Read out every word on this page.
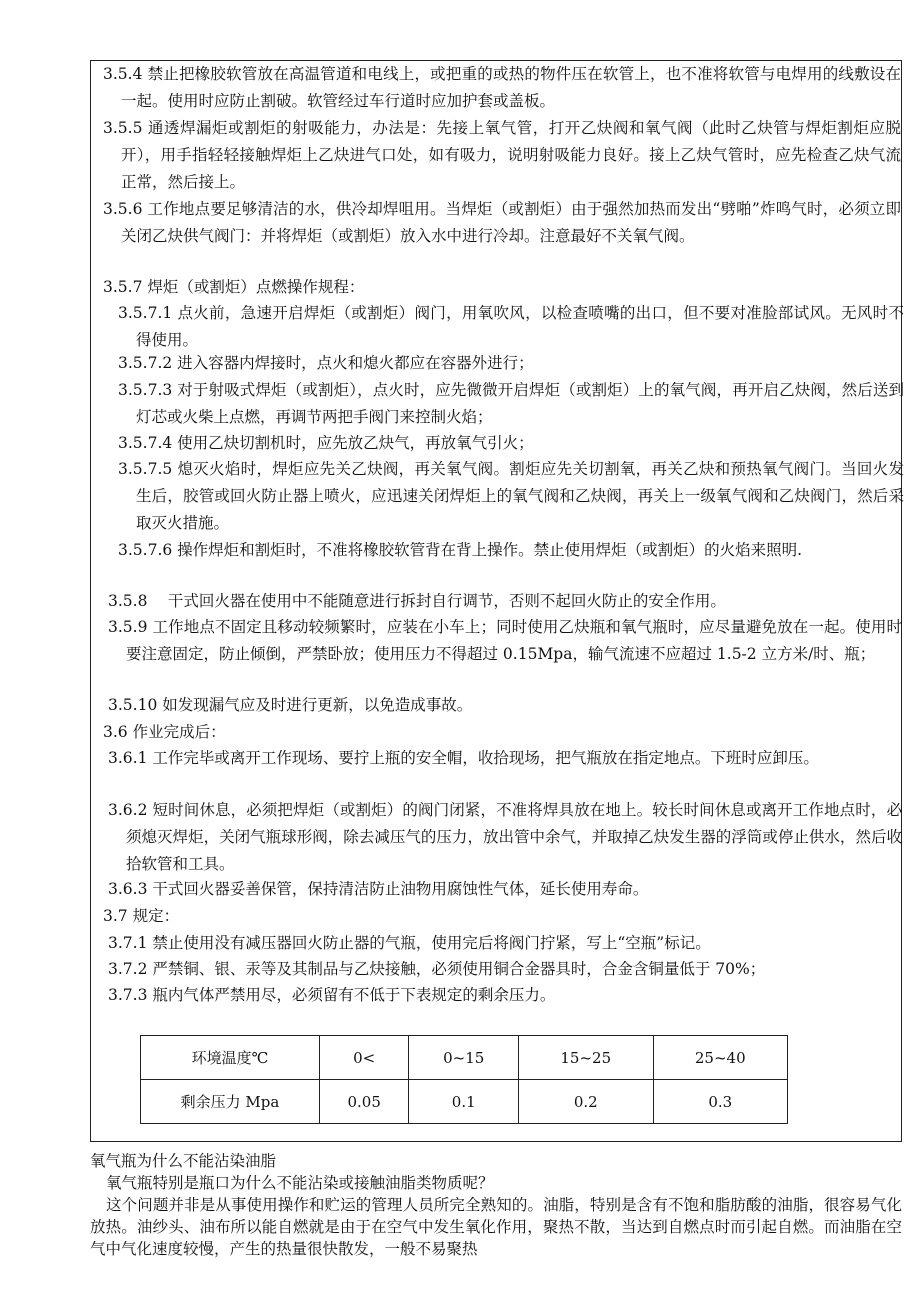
3.5.4 禁止把橡胶软管放在高温管道和电线上，或把重的或热的物件压在软管上，也不准将软管与电焊用的线敷设在一起。使用时应防止割破。软管经过车行道时应加护套或盖板。

3.5.5 通透焊漏炬或割炬的射吸能力，办法是：先接上氧气管，打开乙炔阀和氧气阀（此时乙炔管与焊炬割炬应脱开），用手指轻轻接触焊炬上乙炔进气口处，如有吸力，说明射吸能力良好。接上乙炔气管时，应先检查乙炔气流正常，然后接上。

3.5.6 工作地点要足够清洁的水，供冷却焊咀用。当焊炬（或割炬）由于强然加热而发出“劈啪”炸鸣气时，必须立即关闭乙炔供气阀门：并将焊炬（或割炬）放入水中进行冷却。注意最好不关氧气阀。

3.5.7 焊炬（或割炬）点燃操作规程：

3.5.7.1 点火前，急速开启焊炬（或割炬）阀门，用氧吹风，以检查喷嘴的出口，但不要对准脸部试风。无风时不得使用。

3.5.7.2 进入容器内焊接时，点火和熄火都应在容器外进行；

3.5.7.3 对于射吸式焊炬（或割炬），点火时，应先微微开启焊炬（或割炬）上的氧气阀，再开启乙炔阀，然后送到灯芯或火柴上点燃，再调节两把手阀门来控制火焰；

3.5.7.4 使用乙炔切割机时，应先放乙炔气，再放氧气引火；

3.5.7.5 熄灭火焰时，焊炬应先关乙炔阀，再关氧气阀。割炬应先关切割氧，再关乙炔和预热氧气阀门。当回火发生后，胶管或回火防止器上喷火，应迅速关闭焊炬上的氧气阀和乙炔阀，再关上一级氧气阀和乙炔阀门，然后采取灭火措施。

3.5.7.6 操作焊炬和割炬时，不准将橡胶软管背在背上操作。禁止使用焊炬（或割炬）的火焰来照明.

3.5.8　 干式回火器在使用中不能随意进行拆封自行调节，否则不起回火防止的安全作用。

3.5.9 工作地点不固定且移动较频繁时，应装在小车上；同时使用乙炔瓶和氧气瓶时，应尽量避免放在一起。使用时要注意固定，防止倾倒，严禁卧放；使用压力不得超过 0.15Mpa，输气流速不应超过 1.5-2 立方米/时、瓶；

3.5.10 如发现漏气应及时进行更新，以免造成事故。

3.6 作业完成后：

3.6.1 工作完毕或离开工作现场、要拧上瓶的安全帽，收拾现场，把气瓶放在指定地点。下班时应卸压。

3.6.2 短时间休息，必须把焊炬（或割炬）的阀门闭紧，不准将焊具放在地上。较长时间休息或离开工作地点时，必须熄灭焊炬，关闭气瓶球形阀，除去减压气的压力，放出管中余气，并取掉乙炔发生器的浮筒或停止供水，然后收拾软管和工具。

3.6.3 干式回火器妥善保管，保持清洁防止油物用腐蚀性气体，延长使用寿命。

3.7 规定：

3.7.1 禁止使用没有减压器回火防止器的气瓶，使用完后将阀门拧紧，写上“空瓶”标记。

3.7.2 严禁铜、银、汞等及其制品与乙炔接触，必须使用铜合金器具时，合金含铜量低于 70%；

3.7.3 瓶内气体严禁用尽，必须留有不低于下表规定的剩余压力。

环境温度℃	0<	0~15	15~25	25~40
剩余压力 Mpa	0.05	0.1	0.2	0.3

氧气瓶为什么不能沾染油脂

氧气瓶特别是瓶口为什么不能沾染或接触油脂类物质呢？

这个问题并非是从事使用操作和贮运的管理人员所完全熟知的。油脂，特别是含有不饱和脂肪酸的油脂，很容易气化放热。油纱头、油布所以能自燃就是由于在空气中发生氧化作用，聚热不散，当达到自燃点时而引起自燃。而油脂在空气中气化速度较慢，产生的热量很快散发，一般不易聚热
